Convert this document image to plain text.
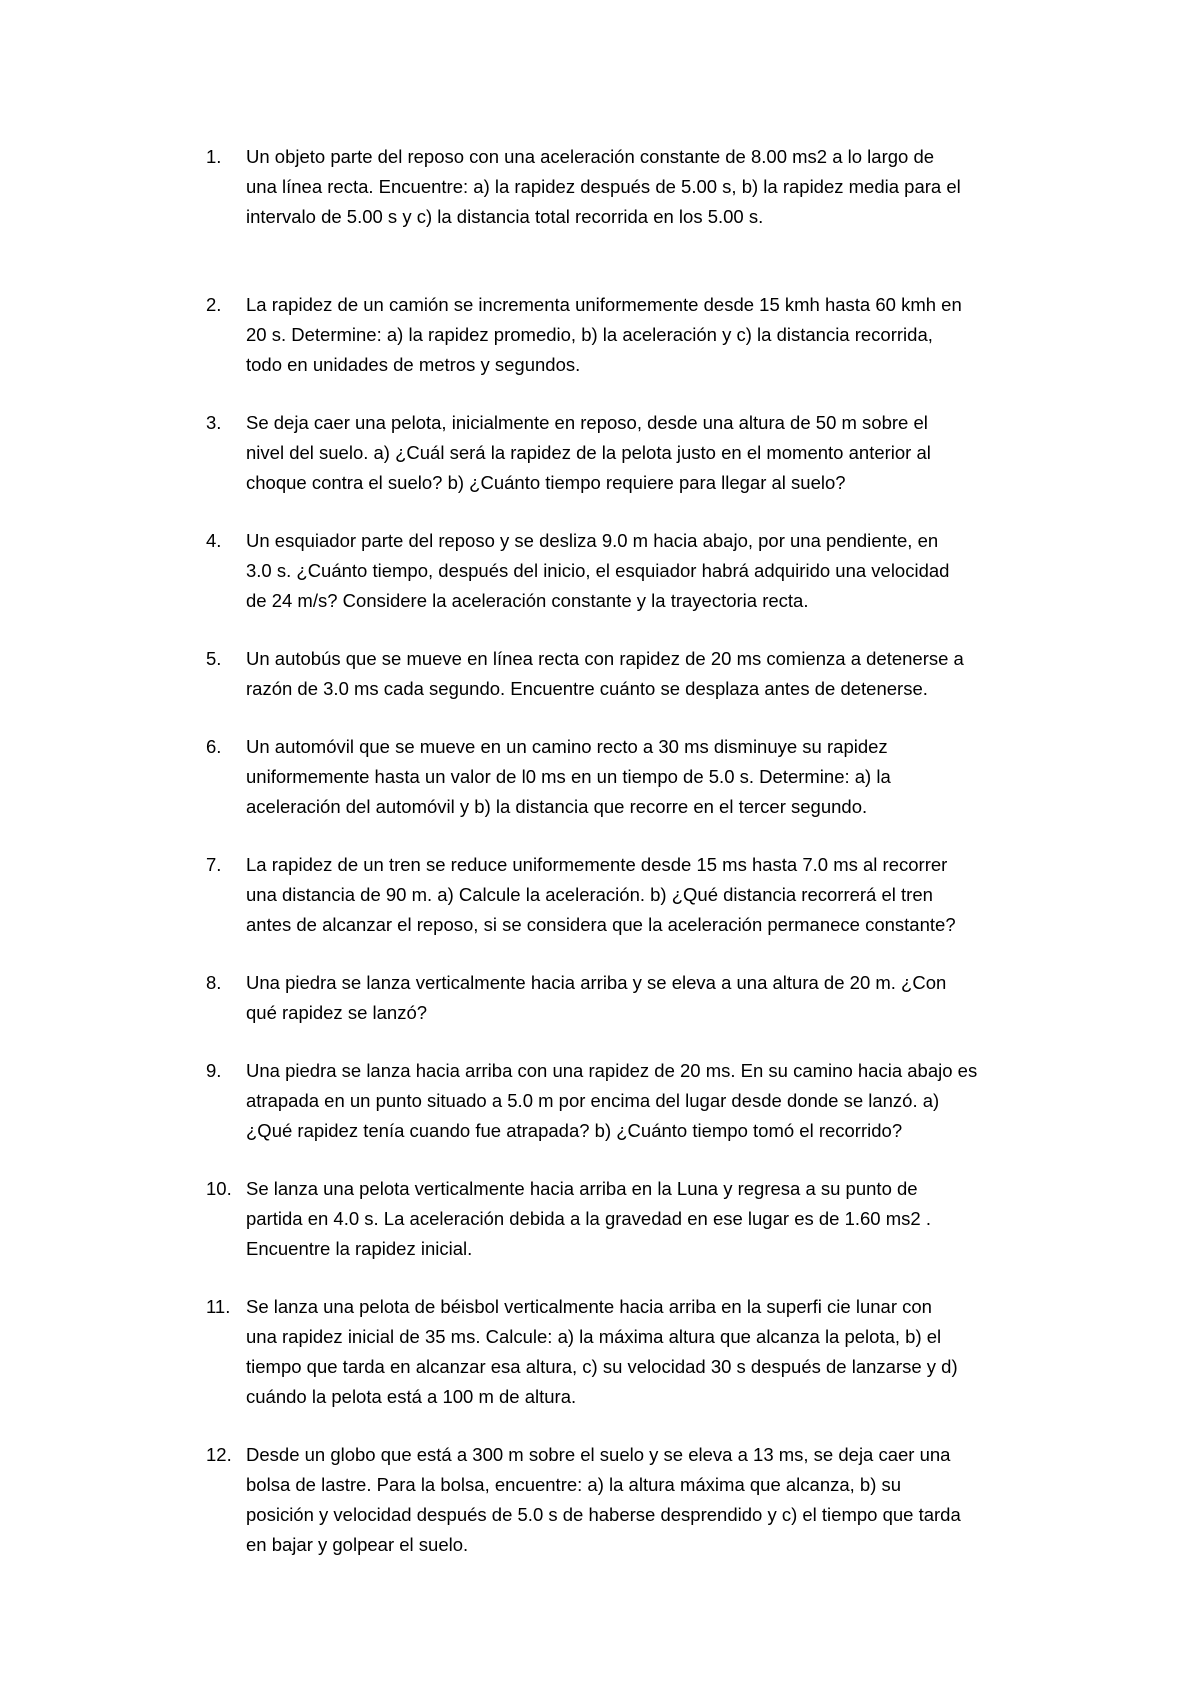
1.	Un objeto parte del reposo con una aceleración constante de 8.00 ms2 a lo largo de
una línea recta. Encuentre: a) la rapidez después de 5.00 s, b) la rapidez media para el
intervalo de 5.00 s y c) la distancia total recorrida en los 5.00 s.
2.	La rapidez de un camión se incrementa uniformemente desde 15 kmh hasta 60 kmh en
20 s. Determine: a) la rapidez promedio, b) la aceleración y c) la distancia recorrida,
todo en unidades de metros y segundos.
3.	Se deja caer una pelota, inicialmente en reposo, desde una altura de 50 m sobre el
nivel del suelo. a) ¿Cuál será la rapidez de la pelota justo en el momento anterior al
choque contra el suelo? b) ¿Cuánto tiempo requiere para llegar al suelo?
4.	Un esquiador parte del reposo y se desliza 9.0 m hacia abajo, por una pendiente, en
3.0 s. ¿Cuánto tiempo, después del inicio, el esquiador habrá adquirido una velocidad
de 24 m/s? Considere la aceleración constante y la trayectoria recta.
5.	Un autobús que se mueve en línea recta con rapidez de 20 ms comienza a detenerse a
razón de 3.0 ms cada segundo. Encuentre cuánto se desplaza antes de detenerse.
6.	Un automóvil que se mueve en un camino recto a 30 ms disminuye su rapidez
uniformemente hasta un valor de l0 ms en un tiempo de 5.0 s. Determine: a) la
aceleración del automóvil y b) la distancia que recorre en el tercer segundo.
7.	La rapidez de un tren se reduce uniformemente desde 15 ms hasta 7.0 ms al recorrer
una distancia de 90 m. a) Calcule la aceleración. b) ¿Qué distancia recorrerá el tren
antes de alcanzar el reposo, si se considera que la aceleración permanece constante?
8.	Una piedra se lanza verticalmente hacia arriba y se eleva a una altura de 20 m. ¿Con
qué rapidez se lanzó?
9.	Una piedra se lanza hacia arriba con una rapidez de 20 ms. En su camino hacia abajo es
atrapada en un punto situado a 5.0 m por encima del lugar desde donde se lanzó. a)
¿Qué rapidez tenía cuando fue atrapada? b) ¿Cuánto tiempo tomó el recorrido?
10. Se lanza una pelota verticalmente hacia arriba en la Luna y regresa a su punto de
partida en 4.0 s. La aceleración debida a la gravedad en ese lugar es de 1.60 ms2 .
Encuentre la rapidez inicial.
11. Se lanza una pelota de béisbol verticalmente hacia arriba en la superfi cie lunar con
una rapidez inicial de 35 ms. Calcule: a) la máxima altura que alcanza la pelota, b) el
tiempo que tarda en alcanzar esa altura, c) su velocidad 30 s después de lanzarse y d)
cuándo la pelota está a 100 m de altura.
12. Desde un globo que está a 300 m sobre el suelo y se eleva a 13 ms, se deja caer una
bolsa de lastre. Para la bolsa, encuentre: a) la altura máxima que alcanza, b) su
posición y velocidad después de 5.0 s de haberse desprendido y c) el tiempo que tarda
en bajar y golpear el suelo.
